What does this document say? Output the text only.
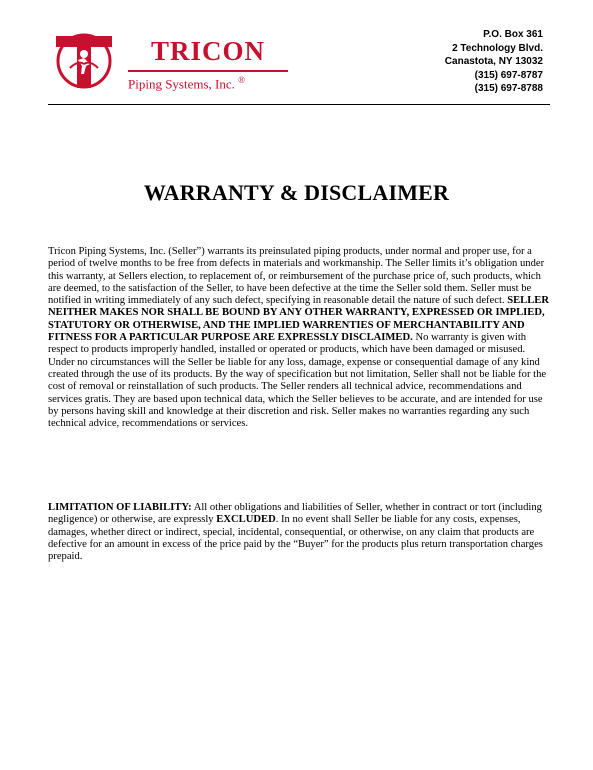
TRICON
Piping Systems, Inc. ®
P.O. Box 361
2 Technology Blvd.
Canastota, NY 13032
(315) 697-8787
(315) 697-8788
WARRANTY & DISCLAIMER

Tricon Piping Systems, Inc. (Seller”) warrants its preinsulated piping products, under normal and proper use, for a period of twelve months to be free from defects in materials and workmanship. The Seller limits it’s obligation under this warranty, at Sellers election, to replacement of, or reimbursement of the purchase price of, such products, which are deemed, to the satisfaction of the Seller, to have been defective at the time the Seller sold them. Seller must be notified in writing immediately of any such defect, specifying in reasonable detail the nature of such defect. SELLER NEITHER MAKES NOR SHALL BE BOUND BY ANY OTHER WARRANTY, EXPRESSED OR IMPLIED, STATUTORY OR OTHERWISE, AND THE IMPLIED WARRENTIES OF MERCHANTABILITY AND FITNESS FOR A PARTICULAR PURPOSE ARE EXPRESSLY DISCLAIMED. No warranty is given with respect to products improperly handled, installed or operated or products, which have been damaged or misused. Under no circumstances will the Seller be liable for any loss, damage, expense or consequential damage of any kind created through the use of its products. By the way of specification but not limitation, Seller shall not be liable for the cost of removal or reinstallation of such products. The Seller renders all technical advice, recommendations and services gratis. They are based upon technical data, which the Seller believes to be accurate, and are intended for use by persons having skill and knowledge at their discretion and risk. Seller makes no warranties regarding any such technical advice, recommendations or services.

LIMITATION OF LIABILITY: All other obligations and liabilities of Seller, whether in contract or tort (including negligence) or otherwise, are expressly EXCLUDED. In no event shall Seller be liable for any costs, expenses, damages, whether direct or indirect, special, incidental, consequential, or otherwise, on any claim that products are defective for an amount in excess of the price paid by the “Buyer” for the products plus return transportation charges prepaid.
